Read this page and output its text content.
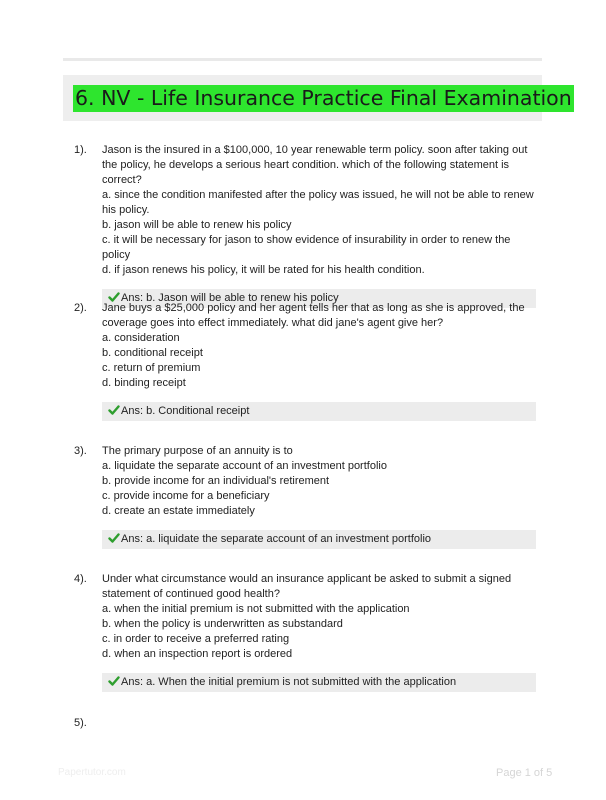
6. NV - Life Insurance Practice Final Examination
1). Jason is the insured in a $100,000, 10 year renewable term policy. soon after taking out the policy, he develops a serious heart condition. which of the following statement is correct?
a. since the condition manifested after the policy was issued, he will not be able to renew his policy.
b. jason will be able to renew his policy
c. it will be necessary for jason to show evidence of insurability in order to renew the policy
d. if jason renews his policy, it will be rated for his health condition.
Ans: b. Jason will be able to renew his policy
2). Jane buys a $25,000 policy and her agent tells her that as long as she is approved, the coverage goes into effect immediately. what did jane's agent give her?
a. consideration
b. conditional receipt
c. return of premium
d. binding receipt
Ans: b. Conditional receipt
3). The primary purpose of an annuity is to
a. liquidate the separate account of an investment portfolio
b. provide income for an individual's retirement
c. provide income for a beneficiary
d. create an estate immediately
Ans: a. liquidate the separate account of an investment portfolio
4). Under what circumstance would an insurance applicant be asked to submit a signed statement of continued good health?
a. when the initial premium is not submitted with the application
b. when the policy is underwritten as substandard
c. in order to receive a preferred rating
d. when an inspection report is ordered
Ans: a. When the initial premium is not submitted with the application
5).
Papertutor.com	Page 1 of 5
